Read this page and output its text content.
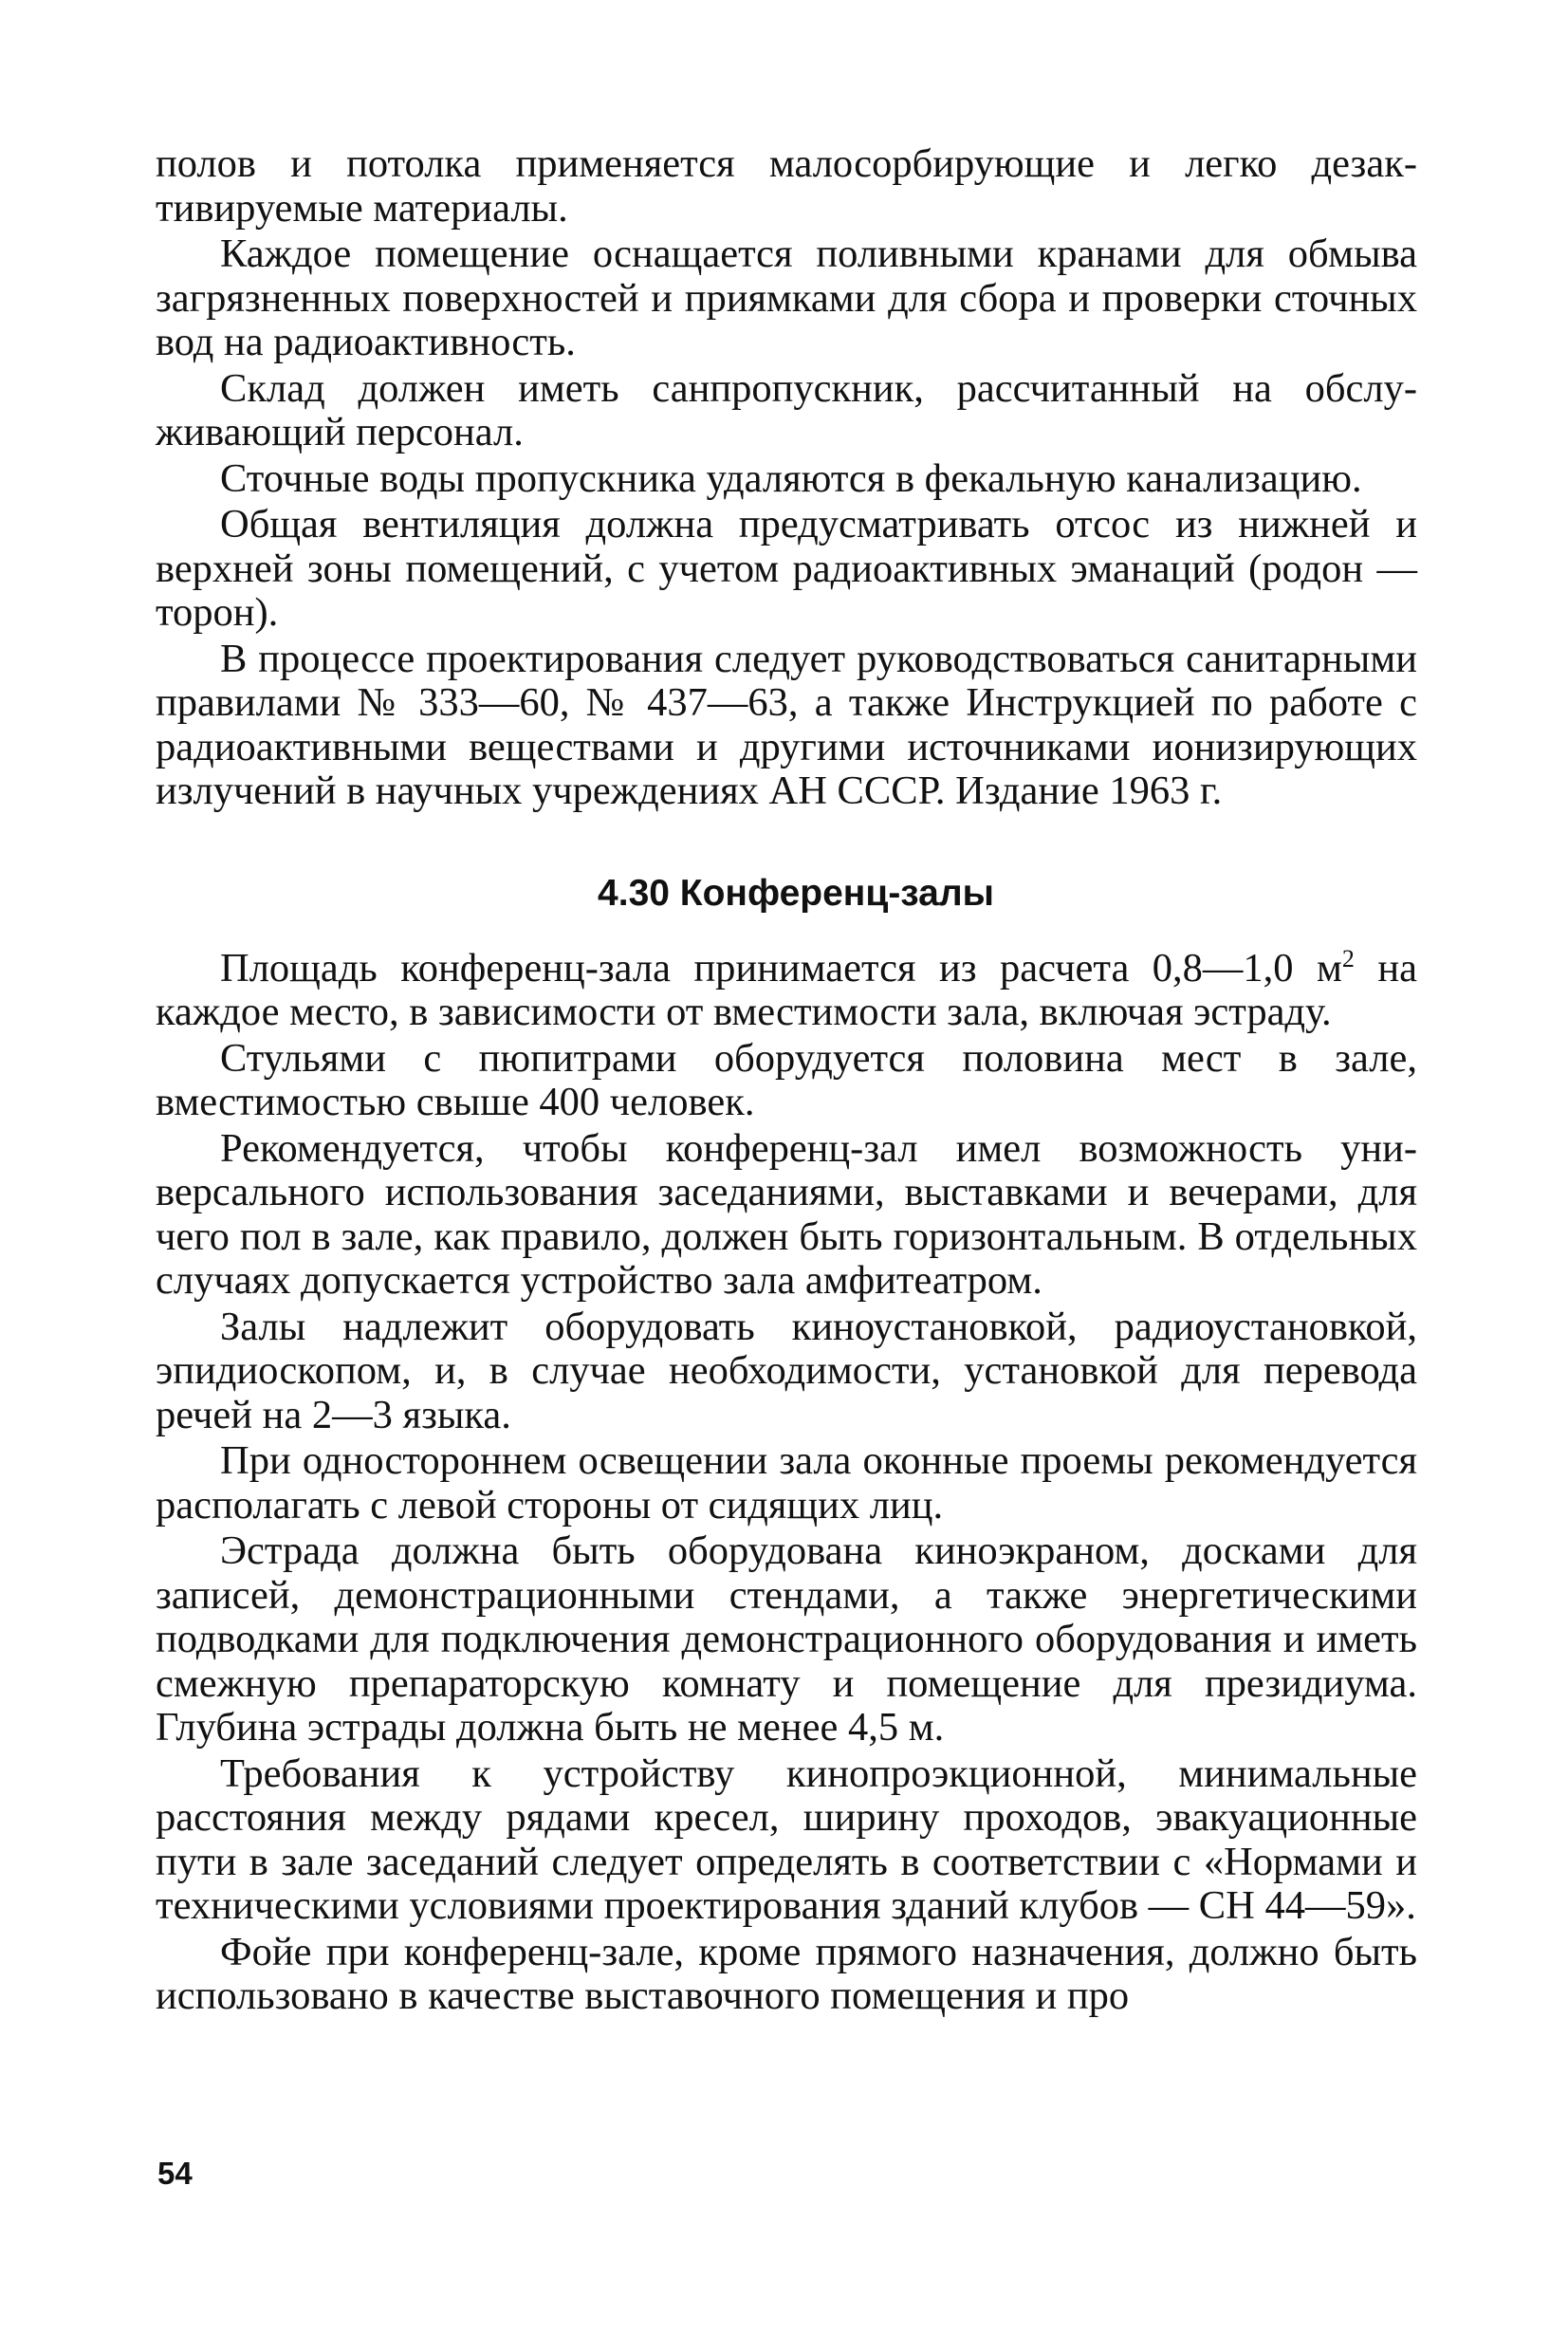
полов и потолка применяется малосорбирующие и легко дезактивируемые материалы.

Каждое помещение оснащается поливными кранами для обмыва загрязненных поверхностей и приямками для сбора и проверки сточных вод на радиоактивность.

Склад должен иметь санпропускник, рассчитанный на обслуживающий персонал.

Сточные воды пропускника удаляются в фекальную канализацию.

Общая вентиляция должна предусматривать отсос из нижней и верхней зоны помещений, с учетом радиоактивных эманаций (родон — торон).

В процессе проектирования следует руководствоваться санитарными правилами № 333—60, № 437—63, а также Инструкцией по работе с радиоактивными веществами и другими источниками ионизирующих излучений в научных учреждениях АН СССР. Издание 1963 г.

4.30 Конференц-залы

Площадь конференц-зала принимается из расчета 0,8—1,0 $м^2$ на каждое место, в зависимости от вместимости зала, включая эстраду.

Стульями с пюпитрами оборудуется половина мест в зале, вместимостью свыше 400 человек.

Рекомендуется, чтобы конференц-зал имел возможность универсального использования заседаниями, выставками и вечерами, для чего пол в зале, как правило, должен быть горизонтальным. В отдельных случаях допускается устройство зала амфитеатром.

Залы надлежит оборудовать киноустановкой, радиоустановкой, эпидиоскопом, и, в случае необходимости, установкой для перевода речей на 2—3 языка.

При одностороннем освещении зала оконные проемы рекомендуется располагать с левой стороны от сидящих лиц.

Эстрада должна быть оборудована киноэкраном, досками для записей, демонстрационными стендами, а также энергетическими подводками для подключения демонстрационного оборудования и иметь смежную препараторскую комнату и помещение для президиума. Глубина эстрады должна быть не менее 4,5 м.

Требования к устройству кинопроэкционной, минимальные расстояния между рядами кресел, ширину проходов, эвакуационные пути в зале заседаний следует определять в соответствии с «Нормами и техническими условиями проектирования зданий клубов — СН 44—59».

Фойе при конференц-зале, кроме прямого назначения, должно быть использовано в качестве выставочного помещения и про

54
